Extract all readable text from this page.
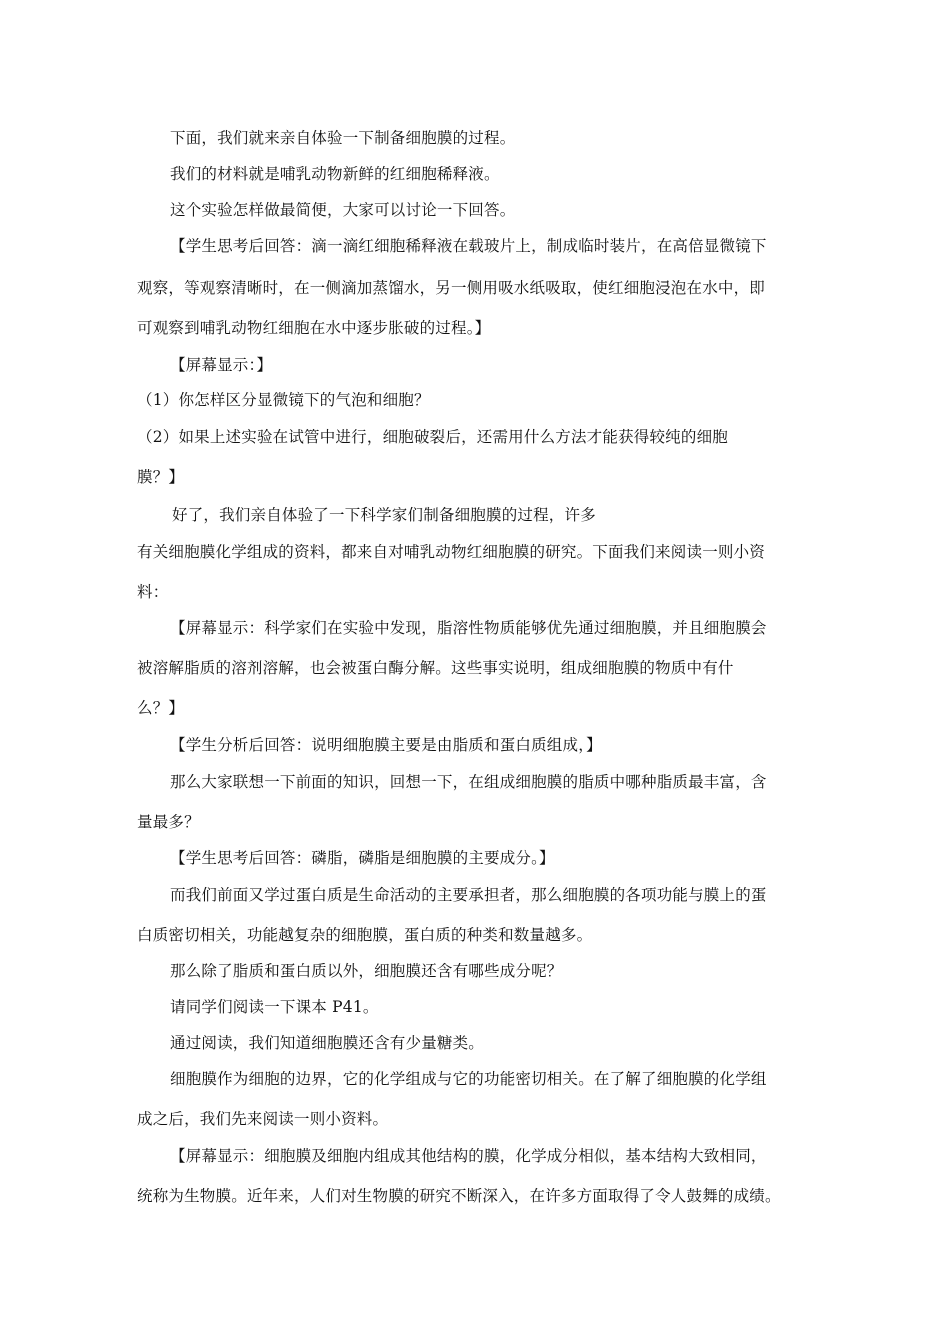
下面，我们就来亲自体验一下制备细胞膜的过程。
我们的材料就是哺乳动物新鲜的红细胞稀释液。
这个实验怎样做最简便，大家可以讨论一下回答。
【学生思考后回答：滴一滴红细胞稀释液在载玻片上，制成临时装片，在高倍显微镜下
观察，等观察清晰时，在一侧滴加蒸馏水，另一侧用吸水纸吸取，使红细胞浸泡在水中，即
可观察到哺乳动物红细胞在水中逐步胀破的过程。】
【屏幕显示：】
（1）你怎样区分显微镜下的气泡和细胞？
（2）如果上述实验在试管中进行，细胞破裂后，还需用什么方法才能获得较纯的细胞
膜？】
好了，我们亲自体验了一下科学家们制备细胞膜的过程，许多
有关细胞膜化学组成的资料，都来自对哺乳动物红细胞膜的研究。下面我们来阅读一则小资
料：
【屏幕显示：科学家们在实验中发现，脂溶性物质能够优先通过细胞膜，并且细胞膜会
被溶解脂质的溶剂溶解，也会被蛋白酶分解。这些事实说明，组成细胞膜的物质中有什
么？】
【学生分析后回答：说明细胞膜主要是由脂质和蛋白质组成，】
那么大家联想一下前面的知识，回想一下，在组成细胞膜的脂质中哪种脂质最丰富，含
量最多？
【学生思考后回答：磷脂，磷脂是细胞膜的主要成分。】
而我们前面又学过蛋白质是生命活动的主要承担者，那么细胞膜的各项功能与膜上的蛋
白质密切相关，功能越复杂的细胞膜，蛋白质的种类和数量越多。
那么除了脂质和蛋白质以外，细胞膜还含有哪些成分呢？
请同学们阅读一下课本 P41。
通过阅读，我们知道细胞膜还含有少量糖类。
细胞膜作为细胞的边界，它的化学组成与它的功能密切相关。在了解了细胞膜的化学组
成之后，我们先来阅读一则小资料。
【屏幕显示：细胞膜及细胞内组成其他结构的膜，化学成分相似，基本结构大致相同，
统称为生物膜。近年来，人们对生物膜的研究不断深入，在许多方面取得了令人鼓舞的成绩。
